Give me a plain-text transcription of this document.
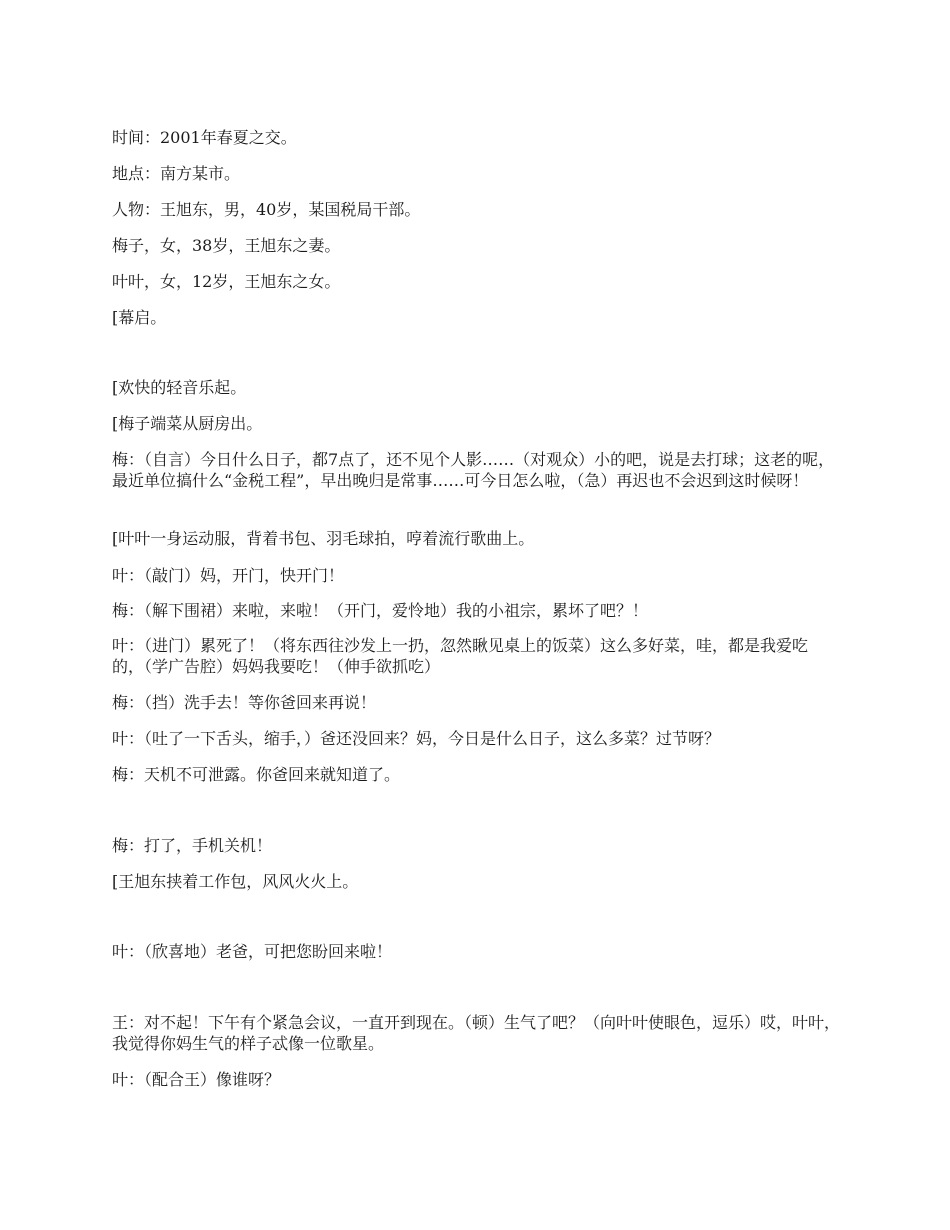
时间：2001年春夏之交。
地点：南方某市。
人物：王旭东，男，40岁，某国税局干部。
梅子，女，38岁，王旭东之妻。
叶叶，女，12岁，王旭东之女。
[幕启。
[欢快的轻音乐起。
[梅子端菜从厨房出。
梅：（自言）今日什么日子，都7点了，还不见个人影……（对观众）小的吧，说是去打球；这老的呢，最近单位搞什么“金税工程”，早出晚归是常事……可今日怎么啦，（急）再迟也不会迟到这时候呀！
[叶叶一身运动服，背着书包、羽毛球拍，哼着流行歌曲上。
叶：（敲门）妈，开门，快开门！
梅：（解下围裙）来啦，来啦！（开门，爱怜地）我的小祖宗，累坏了吧？！
叶：（进门）累死了！（将东西往沙发上一扔，忽然瞅见桌上的饭菜）这么多好菜，哇，都是我爱吃的，（学广告腔）妈妈我要吃！（伸手欲抓吃）
梅：（挡）洗手去！等你爸回来再说！
叶：（吐了一下舌头，缩手，）爸还没回来？妈，今日是什么日子，这么多菜？过节呀？
梅：天机不可泄露。你爸回来就知道了。
梅：打了，手机关机！
[王旭东挟着工作包，风风火火上。
叶：（欣喜地）老爸，可把您盼回来啦！
王：对不起！下午有个紧急会议，一直开到现在。（顿）生气了吧？（向叶叶使眼色，逗乐）哎，叶叶，我觉得你妈生气的样子忒像一位歌星。
叶：（配合王）像谁呀？
